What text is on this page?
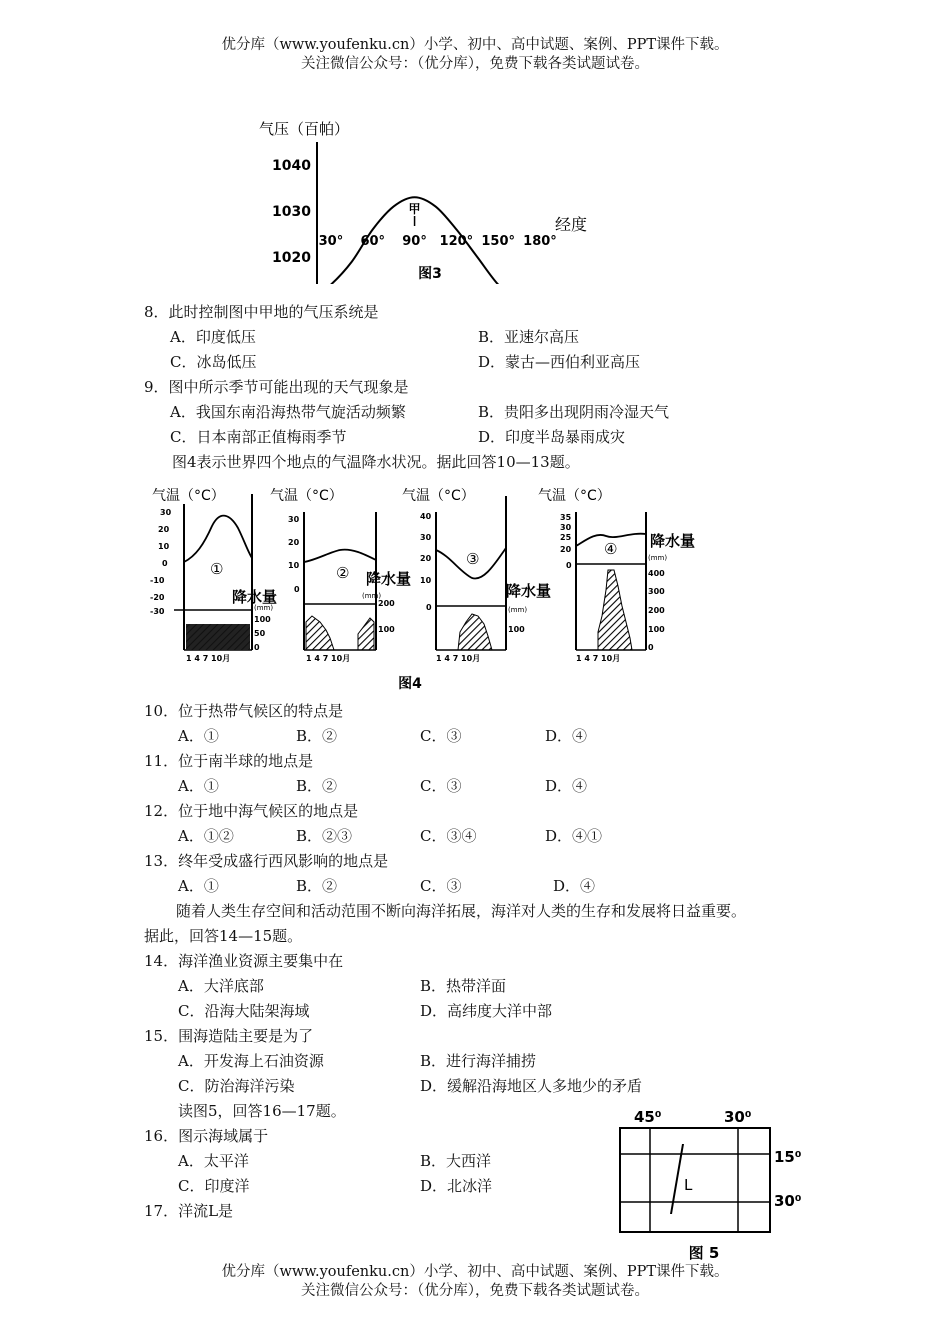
优分库（www.youfenku.cn）小学、初中、高中试题、案例、PPT课件下载。
关注微信公众号：（优分库），免费下载各类试题试卷。
气压（百帕）
1040
1030
1020
30° 60° 90° 120° 150° 180°
经度
甲
图3
8．此时控制图中甲地的气压系统是
A．印度低压	B．亚速尔高压
C．冰岛低压	D．蒙古—西伯利亚高压
9．图中所示季节可能出现的天气现象是
A．我国东南沿海热带气旋活动频繁	B．贵阳多出现阴雨冷湿天气
C．日本南部正值梅雨季节	D．印度半岛暴雨成灾
图4表示世界四个地点的气温降水状况。据此回答10—13题。
气温（°C）
30
20
10
0
-10
-20
-30
①
降水量
(mm)
100
50
0
1 4 7 10月
气温（°C）
30
20
10
0
② 降水量
(mm)
200
100
1 4 7 10月
气温（°C）
40
30
20
10
0
③
降水量
(mm)
100
1 4 7 10月
气温（°C）
35
30
25
20
0
④ 降水量
(mm)
400
300
200
100
0
1 4 7 10月
图4
10．位于热带气候区的特点是
A．①	B．②	C．③	D．④
11．位于南半球的地点是
A．①	B．②	C．③	D．④
12．位于地中海气候区的地点是
A．①②	B．②③	C．③④	D．④①
13．终年受成盛行西风影响的地点是
A．①	B．②	C．③	D．④
随着人类生存空间和活动范围不断向海洋拓展，海洋对人类的生存和发展将日益重要。
据此，回答14—15题。
14．海洋渔业资源主要集中在
A．大洋底部	B．热带洋面
C．沿海大陆架海域	D．高纬度大洋中部
15．围海造陆主要是为了
A．开发海上石油资源	B．进行海洋捕捞
C．防治海洋污染	D．缓解沿海地区人多地少的矛盾
读图5，回答16—17题。
16．图示海域属于
A．太平洋	B．大西洋
C．印度洋	D．北冰洋
17．洋流L是
45⁰	30⁰
15⁰
30⁰
L
图 5
优分库（www.youfenku.cn）小学、初中、高中试题、案例、PPT课件下载。
关注微信公众号：（优分库），免费下载各类试题试卷。
